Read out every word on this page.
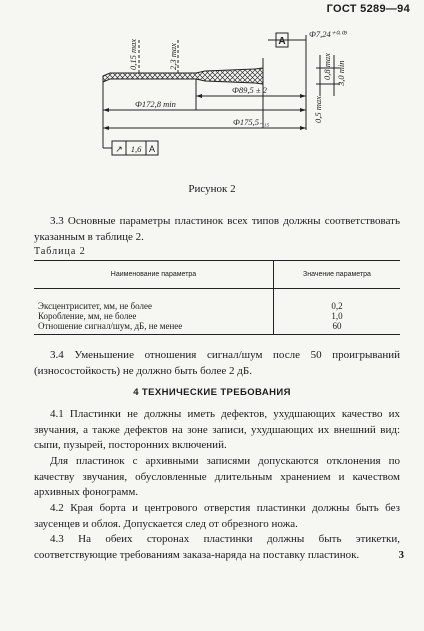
ГОСТ 5289—94
A
Ф7,24⁺⁰·⁰⁹
0,15 max	2,3 max	0,8 max 3,0 min
Ф89,5 ± 2
Ф172,8 min	0,5 max
Ф175,5₋₁₅
↗ 1,6 A
Рисунок 2
3.3 Основные параметры пластинок всех типов должны соответствовать указанным в таблице 2.
Таблица 2
Наименование параметра	Значение параметра
Эксцентриситет, мм, не более	0,2
Коробление, мм, не более	1,0
Отношение сигнал/шум, дБ, не менее	60
3.4 Уменьшение отношения сигнал/шум после 50 проигрываний (износостойкость) не должно быть более 2 дБ.
4 ТЕХНИЧЕСКИЕ ТРЕБОВАНИЯ
4.1 Пластинки не должны иметь дефектов, ухудшающих качество их звучания, а также дефектов на зоне записи, ухудшающих их внешний вид: сыпи, пузырей, посторонних включений.
Для пластинок с архивными записями допускаются отклонения по качеству звучания, обусловленные длительным хранением и качеством архивных фонограмм.
4.2 Края борта и центрового отверстия пластинки должны быть без заусенцев и облоя. Допускается след от обрезного ножа.
4.3 На обеих сторонах пластинки должны быть этикетки, соответствующие требованиям заказа-наряда на поставку пластинок.	3
